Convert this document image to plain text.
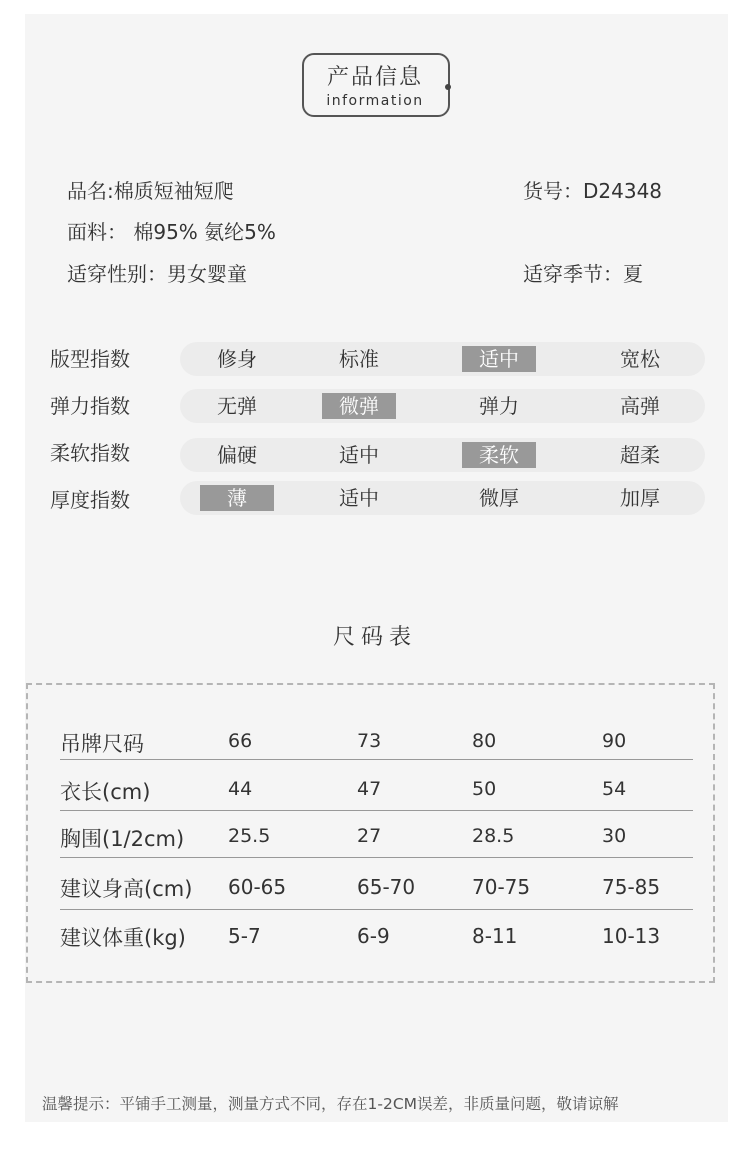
产品信息
information
品名:棉质短袖短爬	货号：D24348
面料： 棉95% 氨纶5%
适穿性别：男女婴童	适穿季节：夏
版型指数	修身	标准	适中	宽松
弹力指数	无弹	微弹	弹力	高弹
柔软指数	偏硬	适中	柔软	超柔
厚度指数	薄	适中	微厚	加厚
尺码表
吊牌尺码	66	73	80	90
衣长(cm)	44	47	50	54
胸围(1/2cm) 25.5	27	28.5	30
建议身高(cm) 60-65	65-70	70-75	75-85
建议体重(kg) 5-7	6-9	8-11	10-13
温馨提示：平铺手工测量，测量方式不同，存在1-2CM误差，非质量问题，敬请谅解
